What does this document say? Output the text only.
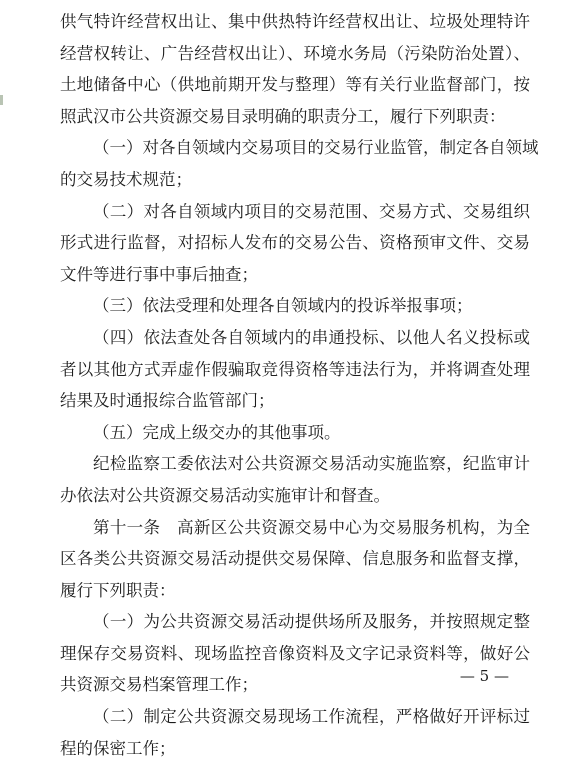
供气特许经营权出让、集中供热特许经营权出让、垃圾处理特许
经营权转让、广告经营权出让）、环境水务局（污染防治处置）、
土地储备中心（供地前期开发与整理）等有关行业监督部门，按
照武汉市公共资源交易目录明确的职责分工，履行下列职责：
（一）对各自领域内交易项目的交易行业监管，制定各自领域
的交易技术规范；
（二）对各自领域内项目的交易范围、交易方式、交易组织
形式进行监督，对招标人发布的交易公告、资格预审文件、交易
文件等进行事中事后抽查；
（三）依法受理和处理各自领域内的投诉举报事项；
（四）依法查处各自领域内的串通投标、以他人名义投标或
者以其他方式弄虚作假骗取竞得资格等违法行为，并将调查处理
结果及时通报综合监管部门；
（五）完成上级交办的其他事项。
纪检监察工委依法对公共资源交易活动实施监察，纪监审计
办依法对公共资源交易活动实施审计和督查。
第十一条　高新区公共资源交易中心为交易服务机构，为全
区各类公共资源交易活动提供交易保障、信息服务和监督支撑，
履行下列职责：
（一）为公共资源交易活动提供场所及服务，并按照规定整
理保存交易资料、现场监控音像资料及文字记录资料等，做好公
共资源交易档案管理工作；
（二）制定公共资源交易现场工作流程，严格做好开评标过
程的保密工作；
— 5 —
